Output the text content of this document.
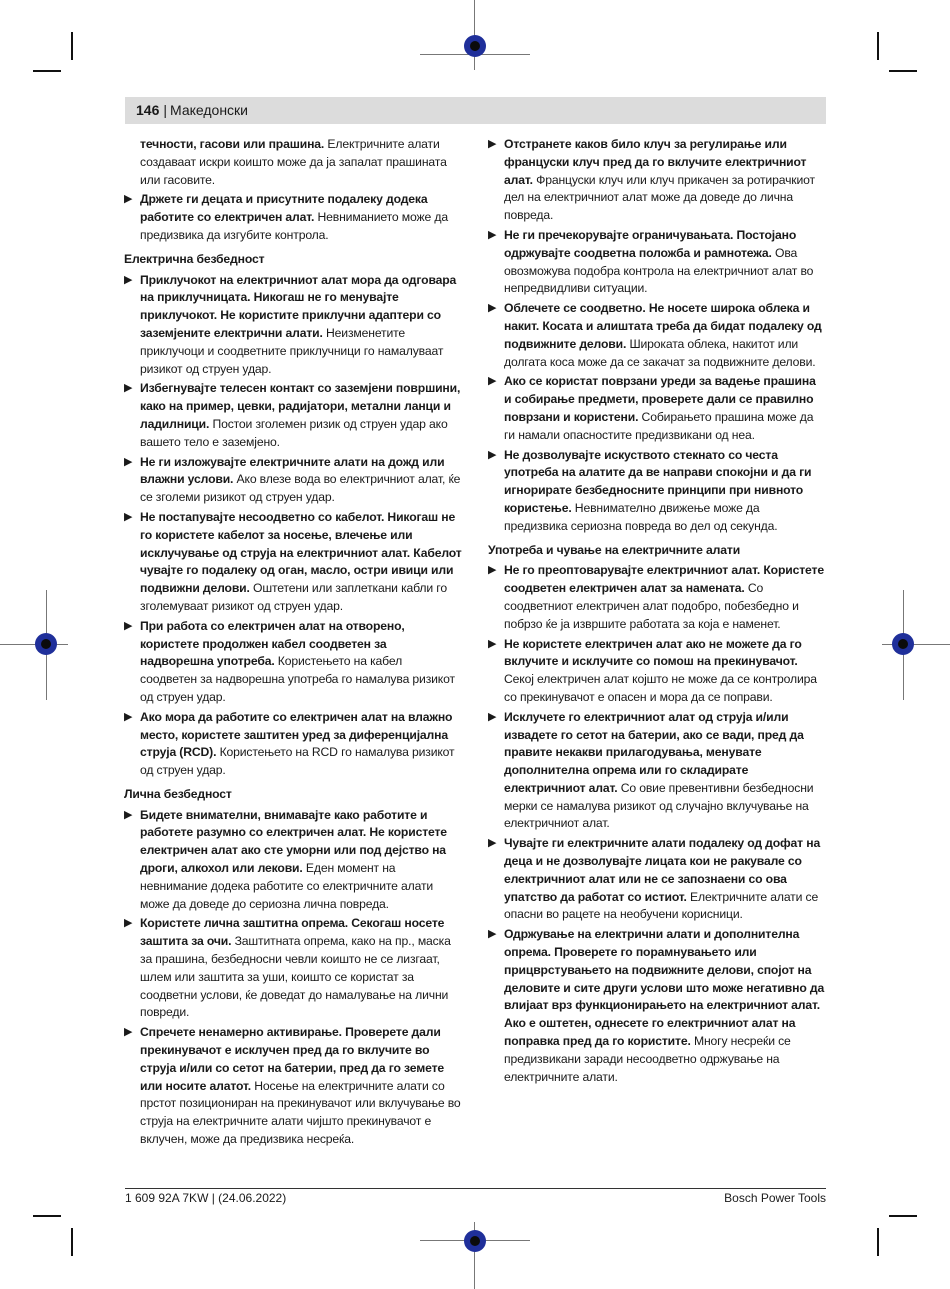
146 | Македонски
течности, гасови или прашина. Електричните алати создаваат искри коишто може да ја запалат прашината или гасовите.
▶ Држете ги децата и присутните подалеку додека работите со електричен алат. Невниманието може да предизвика да изгубите контрола.
Електрична безбедност
▶ Приклучокот на електричниот алат мора да одговара на приклучницата. Никогаш не го менувајте приклучокот. Не користите приклучни адаптери со заземјените електрични алати. Неизменетите приклучоци и соодветните приклучници го намалуваат ризикот од струен удар.
▶ Избегнувајте телесен контакт со заземјени површини, како на пример, цевки, радијатори, метални ланци и ладилници. Постои зголемен ризик од струен удар ако вашето тело е заземјено.
▶ Не ги изложувајте електричните алати на дожд или влажни услови. Ако влезе вода во електричниот алат, ќе се зголеми ризикот од струен удар.
▶ Не постапувајте несоодветно со кабелот. Никогаш не го користете кабелот за носење, влечење или исклучување од струја на електричниот алат. Кабелот чувајте го подалеку од оган, масло, остри ивици или подвижни делови. Оштетени или заплеткани кабли го зголемуваат ризикот од струен удар.
▶ При работа со електричен алат на отворено, користете продолжен кабел соодветен за надворешна употреба. Користењето на кабел соодветен за надворешна употреба го намалува ризикот од струен удар.
▶ Ако мора да работите со електричен алат на влажно место, користете заштитен уред за диференцијална струја (RCD). Користењето на RCD го намалува ризикот од струен удар.
Лична безбедност
▶ Бидете внимателни, внимавајте како работите и работете разумно со електричен алат. Не користете електричен алат ако сте уморни или под дејство на дроги, алкохол или лекови. Еден момент на невнимание додека работите со електричните алати може да доведе до сериозна лична повреда.
▶ Користете лична заштитна опрема. Секогаш носете заштита за очи. Заштитната опрема, како на пр., маска за прашина, безбедносни чевли коишто не се лизгаат, шлем или заштита за уши, коишто се користат за соодветни услови, ќе доведат до намалување на лични повреди.
▶ Спречете ненамерно активирање. Проверете дали прекинувачот е исклучен пред да го вклучите во струја и/или со сетот на батерии, пред да го земете или носите алатот. Носење на електричните алати со прстот позициониран на прекинувачот или вклучување во струја на електричните алати чијшто прекинувачот е вклучен, може да предизвика несреќа.
▶ Отстранете каков било клуч за регулирање или француски клуч пред да го вклучите електричниот алат. Француски клуч или клуч прикачен за ротирачкиот дел на електричниот алат може да доведе до лична повреда.
▶ Не ги пречекорувајте ограничувањата. Постојано одржувајте соодветна положба и рамнотежа. Ова овозможува подобра контрола на електричниот алат во непредвидливи ситуации.
▶ Облечете се соодветно. Не носете широка облека и накит. Косата и алиштата треба да бидат подалеку од подвижните делови. Широката облека, накитот или долгата коса може да се закачат за подвижните делови.
▶ Ако се користат поврзани уреди за вадење прашина и собирање предмети, проверете дали се правилно поврзани и користени. Собирањето прашина може да ги намали опасностите предизвикани од неа.
▶ Не дозволувајте искуството стекнато со честа употреба на алатите да ве направи спокојни и да ги игнорирате безбедносните принципи при нивното користење. Невнимателно движење може да предизвика сериозна повреда во дел од секунда.
Употреба и чување на електричните алати
▶ Не го преоптоварувајте електричниот алат. Користете соодветен електричен алат за намената. Со соодветниот електричен алат подобро, побезбедно и побрзо ќе ја извршите работата за која е наменет.
▶ Не користете електричен алат ако не можете да го вклучите и исклучите со помош на прекинувачот. Секој електричен алат којшто не може да се контролира со прекинувачот е опасен и мора да се поправи.
▶ Исклучете го електричниот алат од струја и/или извадете го сетот на батерии, ако се вади, пред да правите некакви прилагодувања, менувате дополнителна опрема или го складирате електричниот алат. Со овие превентивни безбедносни мерки се намалува ризикот од случајно вклучување на електричниот алат.
▶ Чувајте ги електричните алати подалеку од дофат на деца и не дозволувајте лицата кои не ракувале со електричниот алат или не се запознаени со ова упатство да работат со истиот. Електричните алати се опасни во рацете на необучени корисници.
▶ Одржување на електрични алати и дополнителна опрема. Проверете го порамнувањето или прицврстувањето на подвижните делови, спојот на деловите и сите други услови што може негативно да влијаат врз функционирањето на електричниот алат. Ако е оштетен, однесете го електричниот алат на поправка пред да го користите. Многу несреќи се предизвикани заради несоодветно одржување на електричните алати.
1 609 92A 7KW | (24.06.2022)	Bosch Power Tools
